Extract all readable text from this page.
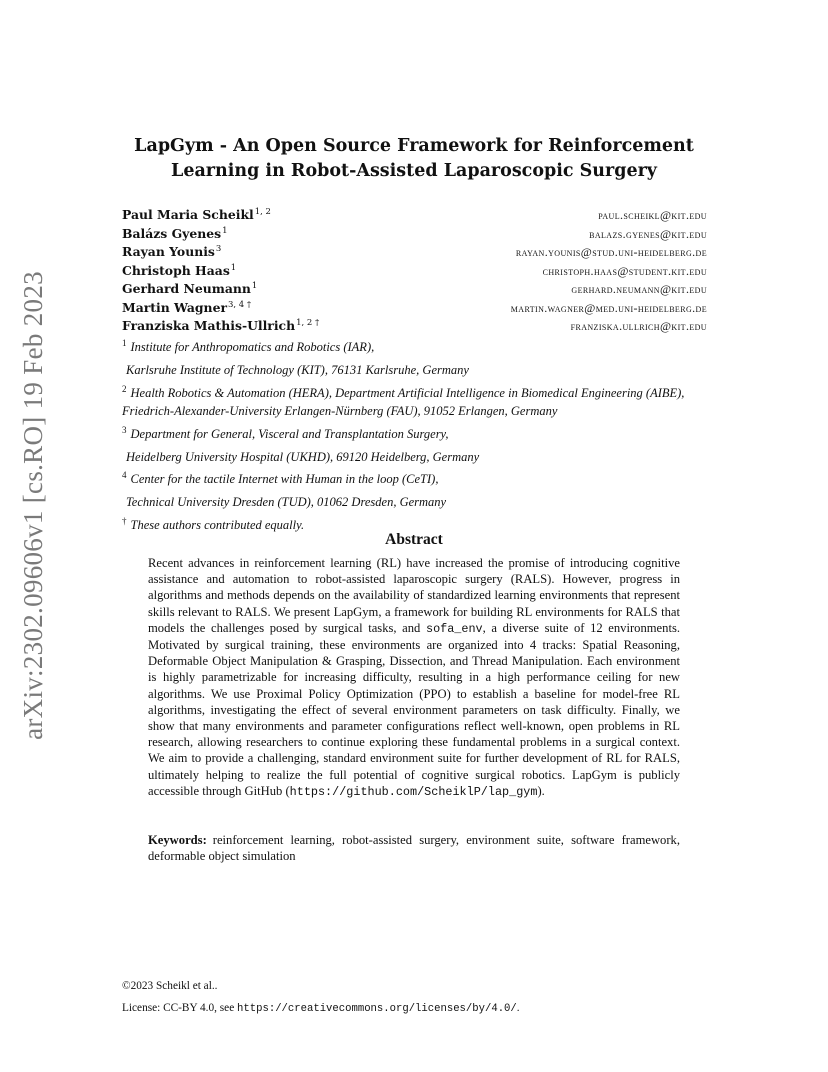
arXiv:2302.09606v1 [cs.RO] 19 Feb 2023
LapGym - An Open Source Framework for Reinforcement Learning in Robot-Assisted Laparoscopic Surgery
Paul Maria Scheikl$^{1, 2}$	paul.scheikl@kit.edu
Balázs Gyenes$^1$	balazs.gyenes@kit.edu
Rayan Younis$^3$	rayan.younis@stud.uni-heidelberg.de
Christoph Haas$^1$	christoph.haas@student.kit.edu
Gerhard Neumann$^1$	gerhard.neumann@kit.edu
Martin Wagner$^{3, 4 \dagger}$	martin.wagner@med.uni-heidelberg.de
Franziska Mathis-Ullrich$^{1, 2 \dagger}$	franziska.ullrich@kit.edu
$^1$ Institute for Anthropomatics and Robotics (IAR),
Karlsruhe Institute of Technology (KIT), 76131 Karlsruhe, Germany
$^2$ Health Robotics & Automation (HERA), Department Artificial Intelligence in Biomedical Engineering (AIBE), Friedrich-Alexander-University Erlangen-Nürnberg (FAU), 91052 Erlangen, Germany
$^3$ Department for General, Visceral and Transplantation Surgery,
Heidelberg University Hospital (UKHD), 69120 Heidelberg, Germany
$^4$ Center for the tactile Internet with Human in the loop (CeTI),
Technical University Dresden (TUD), 01062 Dresden, Germany
† These authors contributed equally.
Abstract

Recent advances in reinforcement learning (RL) have increased the promise of introducing cognitive assistance and automation to robot-assisted laparoscopic surgery (RALS). However, progress in algorithms and methods depends on the availability of standardized learning environments that represent skills relevant to RALS. We present LapGym, a framework for building RL environments for RALS that models the challenges posed by surgical tasks, and sofa_env, a diverse suite of 12 environments. Motivated by surgical training, these environments are organized into 4 tracks: Spatial Reasoning, Deformable Object Manipulation & Grasping, Dissection, and Thread Manipulation. Each environment is highly parametrizable for increasing difficulty, resulting in a high performance ceiling for new algorithms. We use Proximal Policy Optimization (PPO) to establish a baseline for model-free RL algorithms, investigating the effect of several environment parameters on task difficulty. Finally, we show that many environments and parameter configurations reflect well-known, open problems in RL research, allowing researchers to continue exploring these fundamental problems in a surgical context. We aim to provide a challenging, standard environment suite for further development of RL for RALS, ultimately helping to realize the full potential of cognitive surgical robotics. LapGym is publicly accessible through GitHub (https://github.com/ScheiklP/lap_gym).

Keywords: reinforcement learning, robot-assisted surgery, environment suite, software framework, deformable object simulation

©2023 Scheikl et al..

License: CC-BY 4.0, see https://creativecommons.org/licenses/by/4.0/.
